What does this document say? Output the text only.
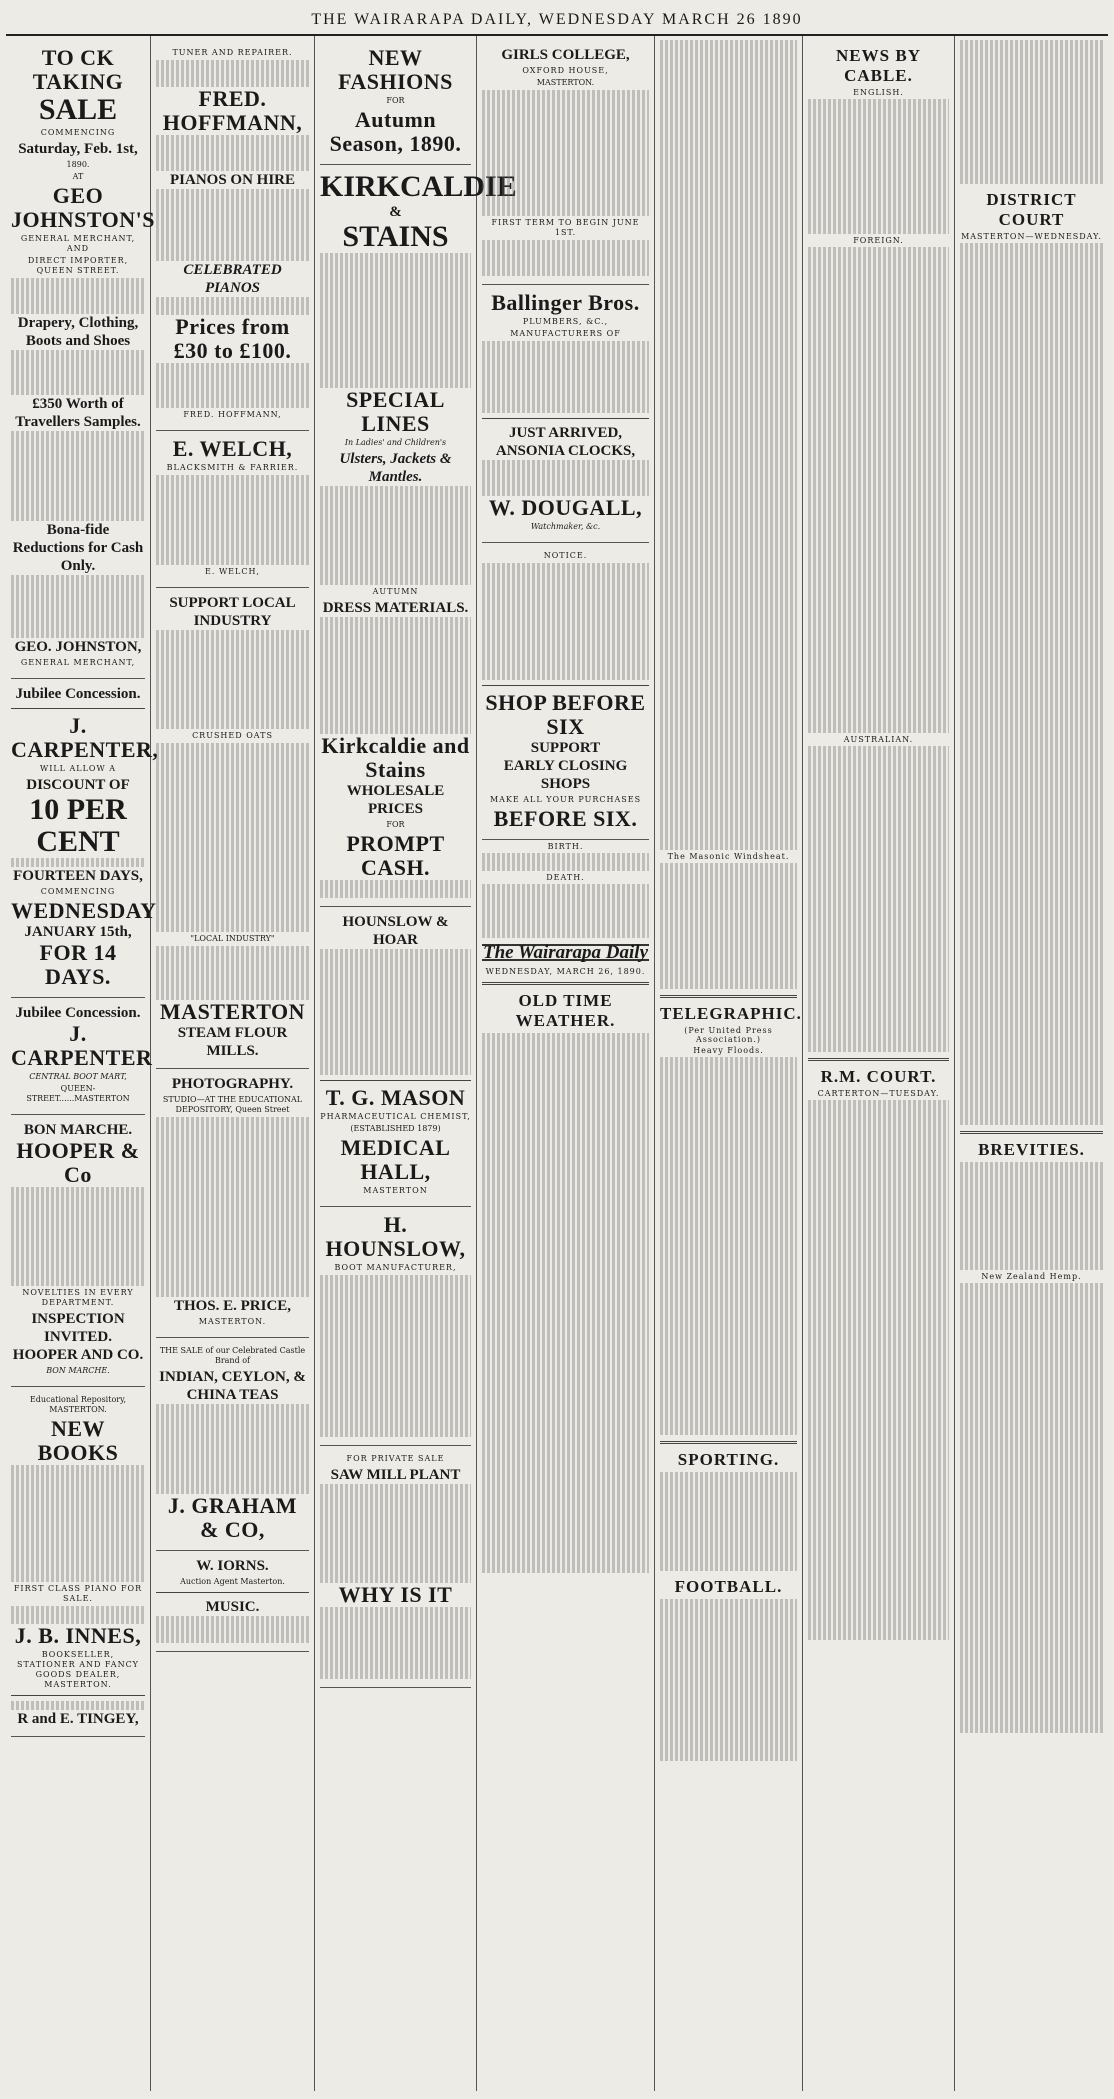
THE WAIRARAPA DAILY, WEDNESDAY MARCH 26 1890
TO CK TAKING
SALE
COMMENCING
Saturday, Feb. 1st,
1890.
AT
GEO JOHNSTON'S
GENERAL MERCHANT, AND
DIRECT IMPORTER, QUEEN STREET.
Drapery, Clothing, Boots and Shoes
£350 Worth of Travellers Samples.
Bona-fide Reductions for Cash Only.
GEO. JOHNSTON,
GENERAL MERCHANT,
Jubilee Concession.
J. CARPENTER,
WILL ALLOW A
DISCOUNT OF
10 PER CENT
FOURTEEN DAYS,
COMMENCING
WEDNESDAY
JANUARY 15th,
FOR 14 DAYS.
Jubilee Concession.
J. CARPENTER
CENTRAL BOOT MART,
QUEEN-STREET......MASTERTON
BON MARCHE.
HOOPER & Co
NOVELTIES IN EVERY DEPARTMENT.
INSPECTION INVITED.
HOOPER AND CO.
BON MARCHE.
Educational Repository, MASTERTON.
NEW BOOKS
FIRST CLASS PIANO FOR SALE.
J. B. INNES,
BOOKSELLER, STATIONER AND FANCY GOODS DEALER, MASTERTON.
R and E. TINGEY,
TUNER AND REPAIRER.
FRED. HOFFMANN,
PIANOS ON HIRE
CELEBRATED PIANOS
Prices from £30 to £100.
FRED. HOFFMANN,
E. WELCH,
BLACKSMITH & FARRIER.
E. WELCH,
SUPPORT LOCAL INDUSTRY
CRUSHED OATS
"LOCAL INDUSTRY"
MASTERTON
STEAM FLOUR MILLS.
PHOTOGRAPHY.
STUDIO—AT THE EDUCATIONAL DEPOSITORY, Queen Street
THOS. E. PRICE,
MASTERTON.
THE SALE of our Celebrated Castle Brand of
INDIAN, CEYLON, & CHINA TEAS
J. GRAHAM & CO,
W. IORNS.
Auction Agent Masterton.
MUSIC.
NEW FASHIONS
FOR
Autumn Season, 1890.
KIRKCALDIE
&
STAINS
SPECIAL LINES
In Ladies' and Children's
Ulsters, Jackets & Mantles.
AUTUMN
DRESS MATERIALS.
Kirkcaldie and Stains
WHOLESALE PRICES
FOR
PROMPT CASH.
HOUNSLOW & HOAR
T. G. MASON
PHARMACEUTICAL CHEMIST,
(ESTABLISHED 1879)
MEDICAL HALL,
MASTERTON
H. HOUNSLOW,
BOOT MANUFACTURER,
FOR PRIVATE SALE
SAW MILL PLANT
WHY IS IT
GIRLS COLLEGE,
OXFORD HOUSE,
MASTERTON.
FIRST TERM TO BEGIN JUNE 1ST.
Ballinger Bros.
PLUMBERS, &C.,
MANUFACTURERS OF
JUST ARRIVED,
ANSONIA CLOCKS,
W. DOUGALL,
Watchmaker, &c.
NOTICE.
SHOP BEFORE SIX
SUPPORT
EARLY CLOSING SHOPS
MAKE ALL YOUR PURCHASES
BEFORE SIX.
BIRTH.
DEATH.
The Wairarapa Daily
WEDNESDAY, MARCH 26, 1890.
OLD TIME WEATHER.
The Masonic Windsheat.
TELEGRAPHIC.
(Per United Press Association.)
Heavy Floods.
SPORTING.
FOOTBALL.
NEWS BY CABLE.
ENGLISH.
FOREIGN.
AUSTRALIAN.
R.M. COURT.
CARTERTON—TUESDAY.
DISTRICT COURT
MASTERTON—WEDNESDAY.
BREVITIES.
New Zealand Hemp.
